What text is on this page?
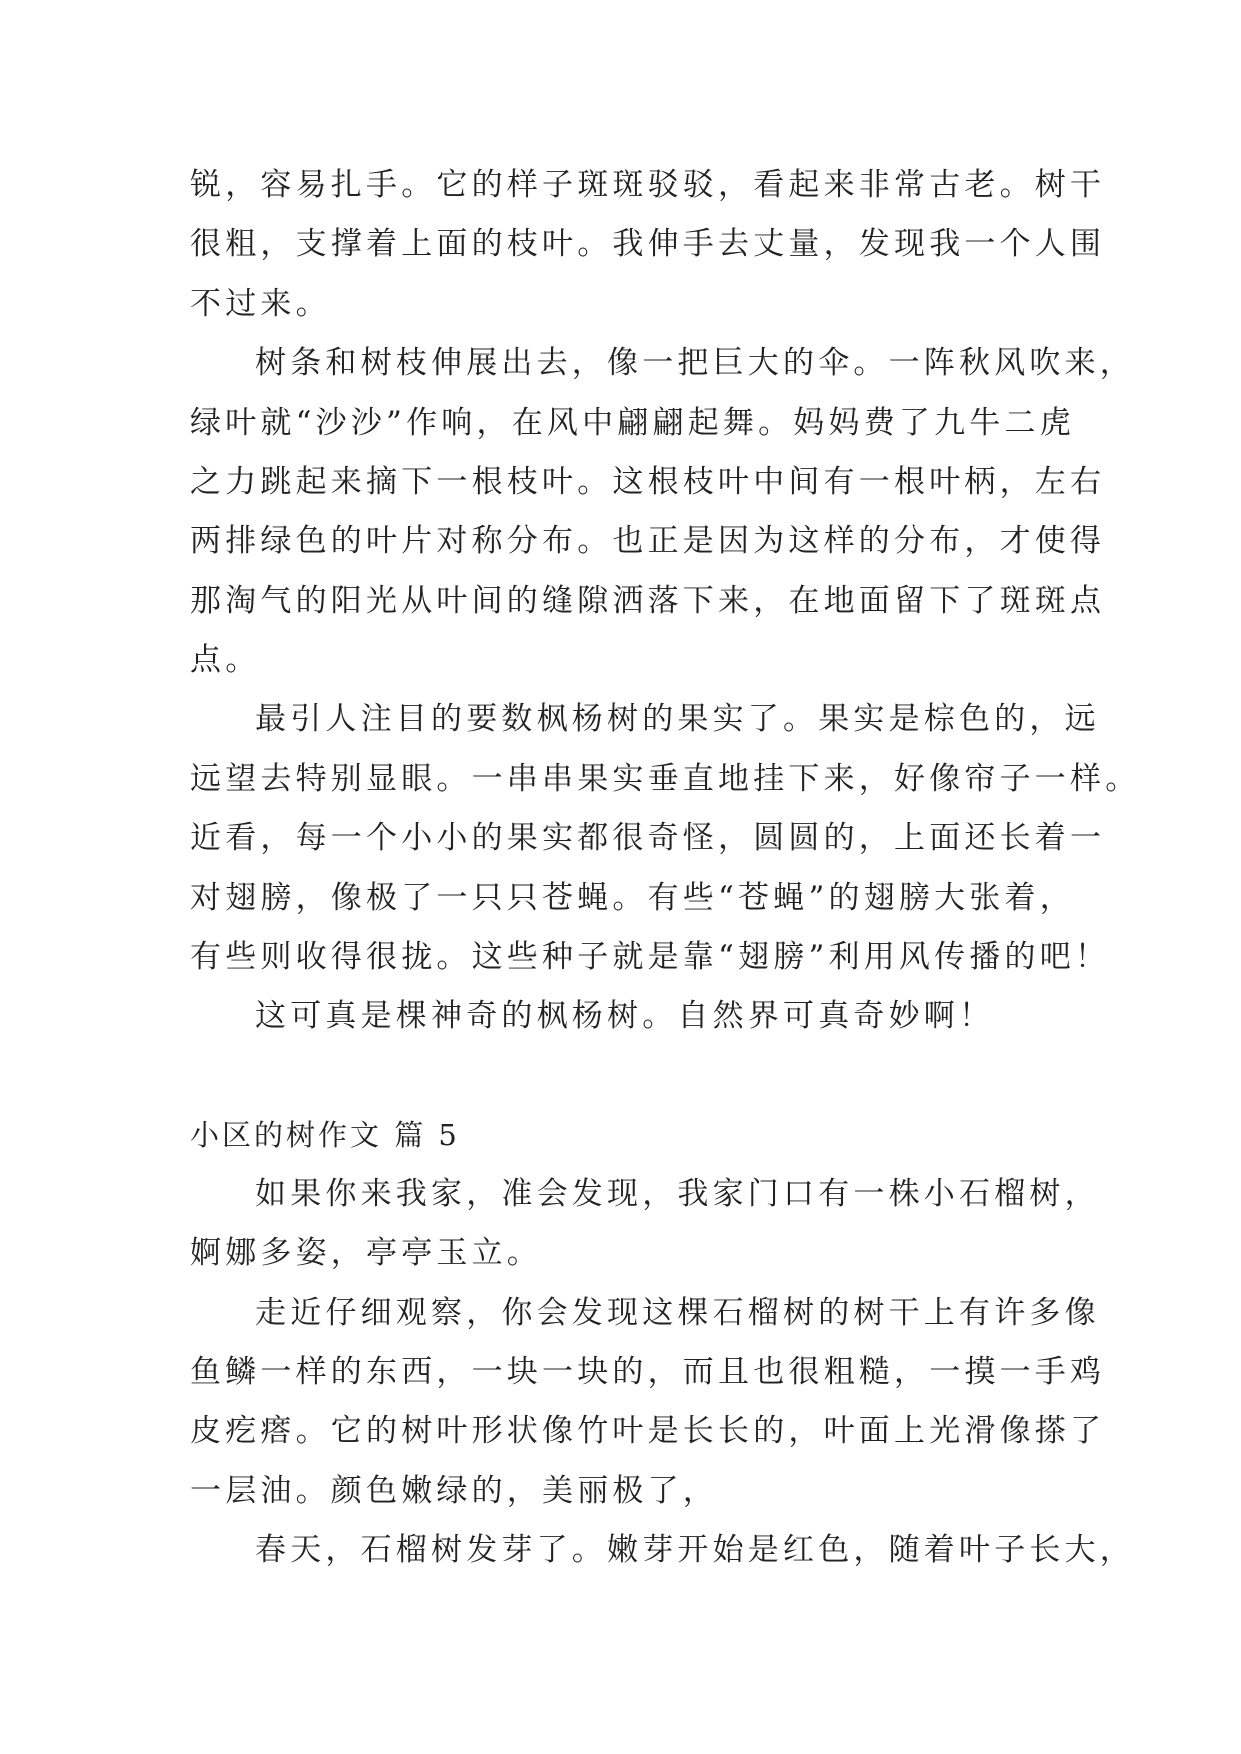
锐，容易扎手。它的样子斑斑驳驳，看起来非常古老。树干
很粗，支撑着上面的枝叶。我伸手去丈量，发现我一个人围
不过来。
树条和树枝伸展出去，像一把巨大的伞。一阵秋风吹来，
绿叶就“沙沙”作响，在风中翩翩起舞。妈妈费了九牛二虎
之力跳起来摘下一根枝叶。这根枝叶中间有一根叶柄，左右
两排绿色的叶片对称分布。也正是因为这样的分布，才使得
那淘气的阳光从叶间的缝隙洒落下来，在地面留下了斑斑点
点。
最引人注目的要数枫杨树的果实了。果实是棕色的，远
远望去特别显眼。一串串果实垂直地挂下来，好像帘子一样。
近看，每一个小小的果实都很奇怪，圆圆的，上面还长着一
对翅膀，像极了一只只苍蝇。有些“苍蝇”的翅膀大张着，
有些则收得很拢。这些种子就是靠“翅膀”利用风传播的吧！
这可真是棵神奇的枫杨树。自然界可真奇妙啊！
小区的树作文 篇 5
如果你来我家，准会发现，我家门口有一株小石榴树，
婀娜多姿，亭亭玉立。
走近仔细观察，你会发现这棵石榴树的树干上有许多像
鱼鳞一样的东西，一块一块的，而且也很粗糙，一摸一手鸡
皮疙瘩。它的树叶形状像竹叶是长长的，叶面上光滑像搽了
一层油。颜色嫩绿的，美丽极了，
春天，石榴树发芽了。嫩芽开始是红色，随着叶子长大，
